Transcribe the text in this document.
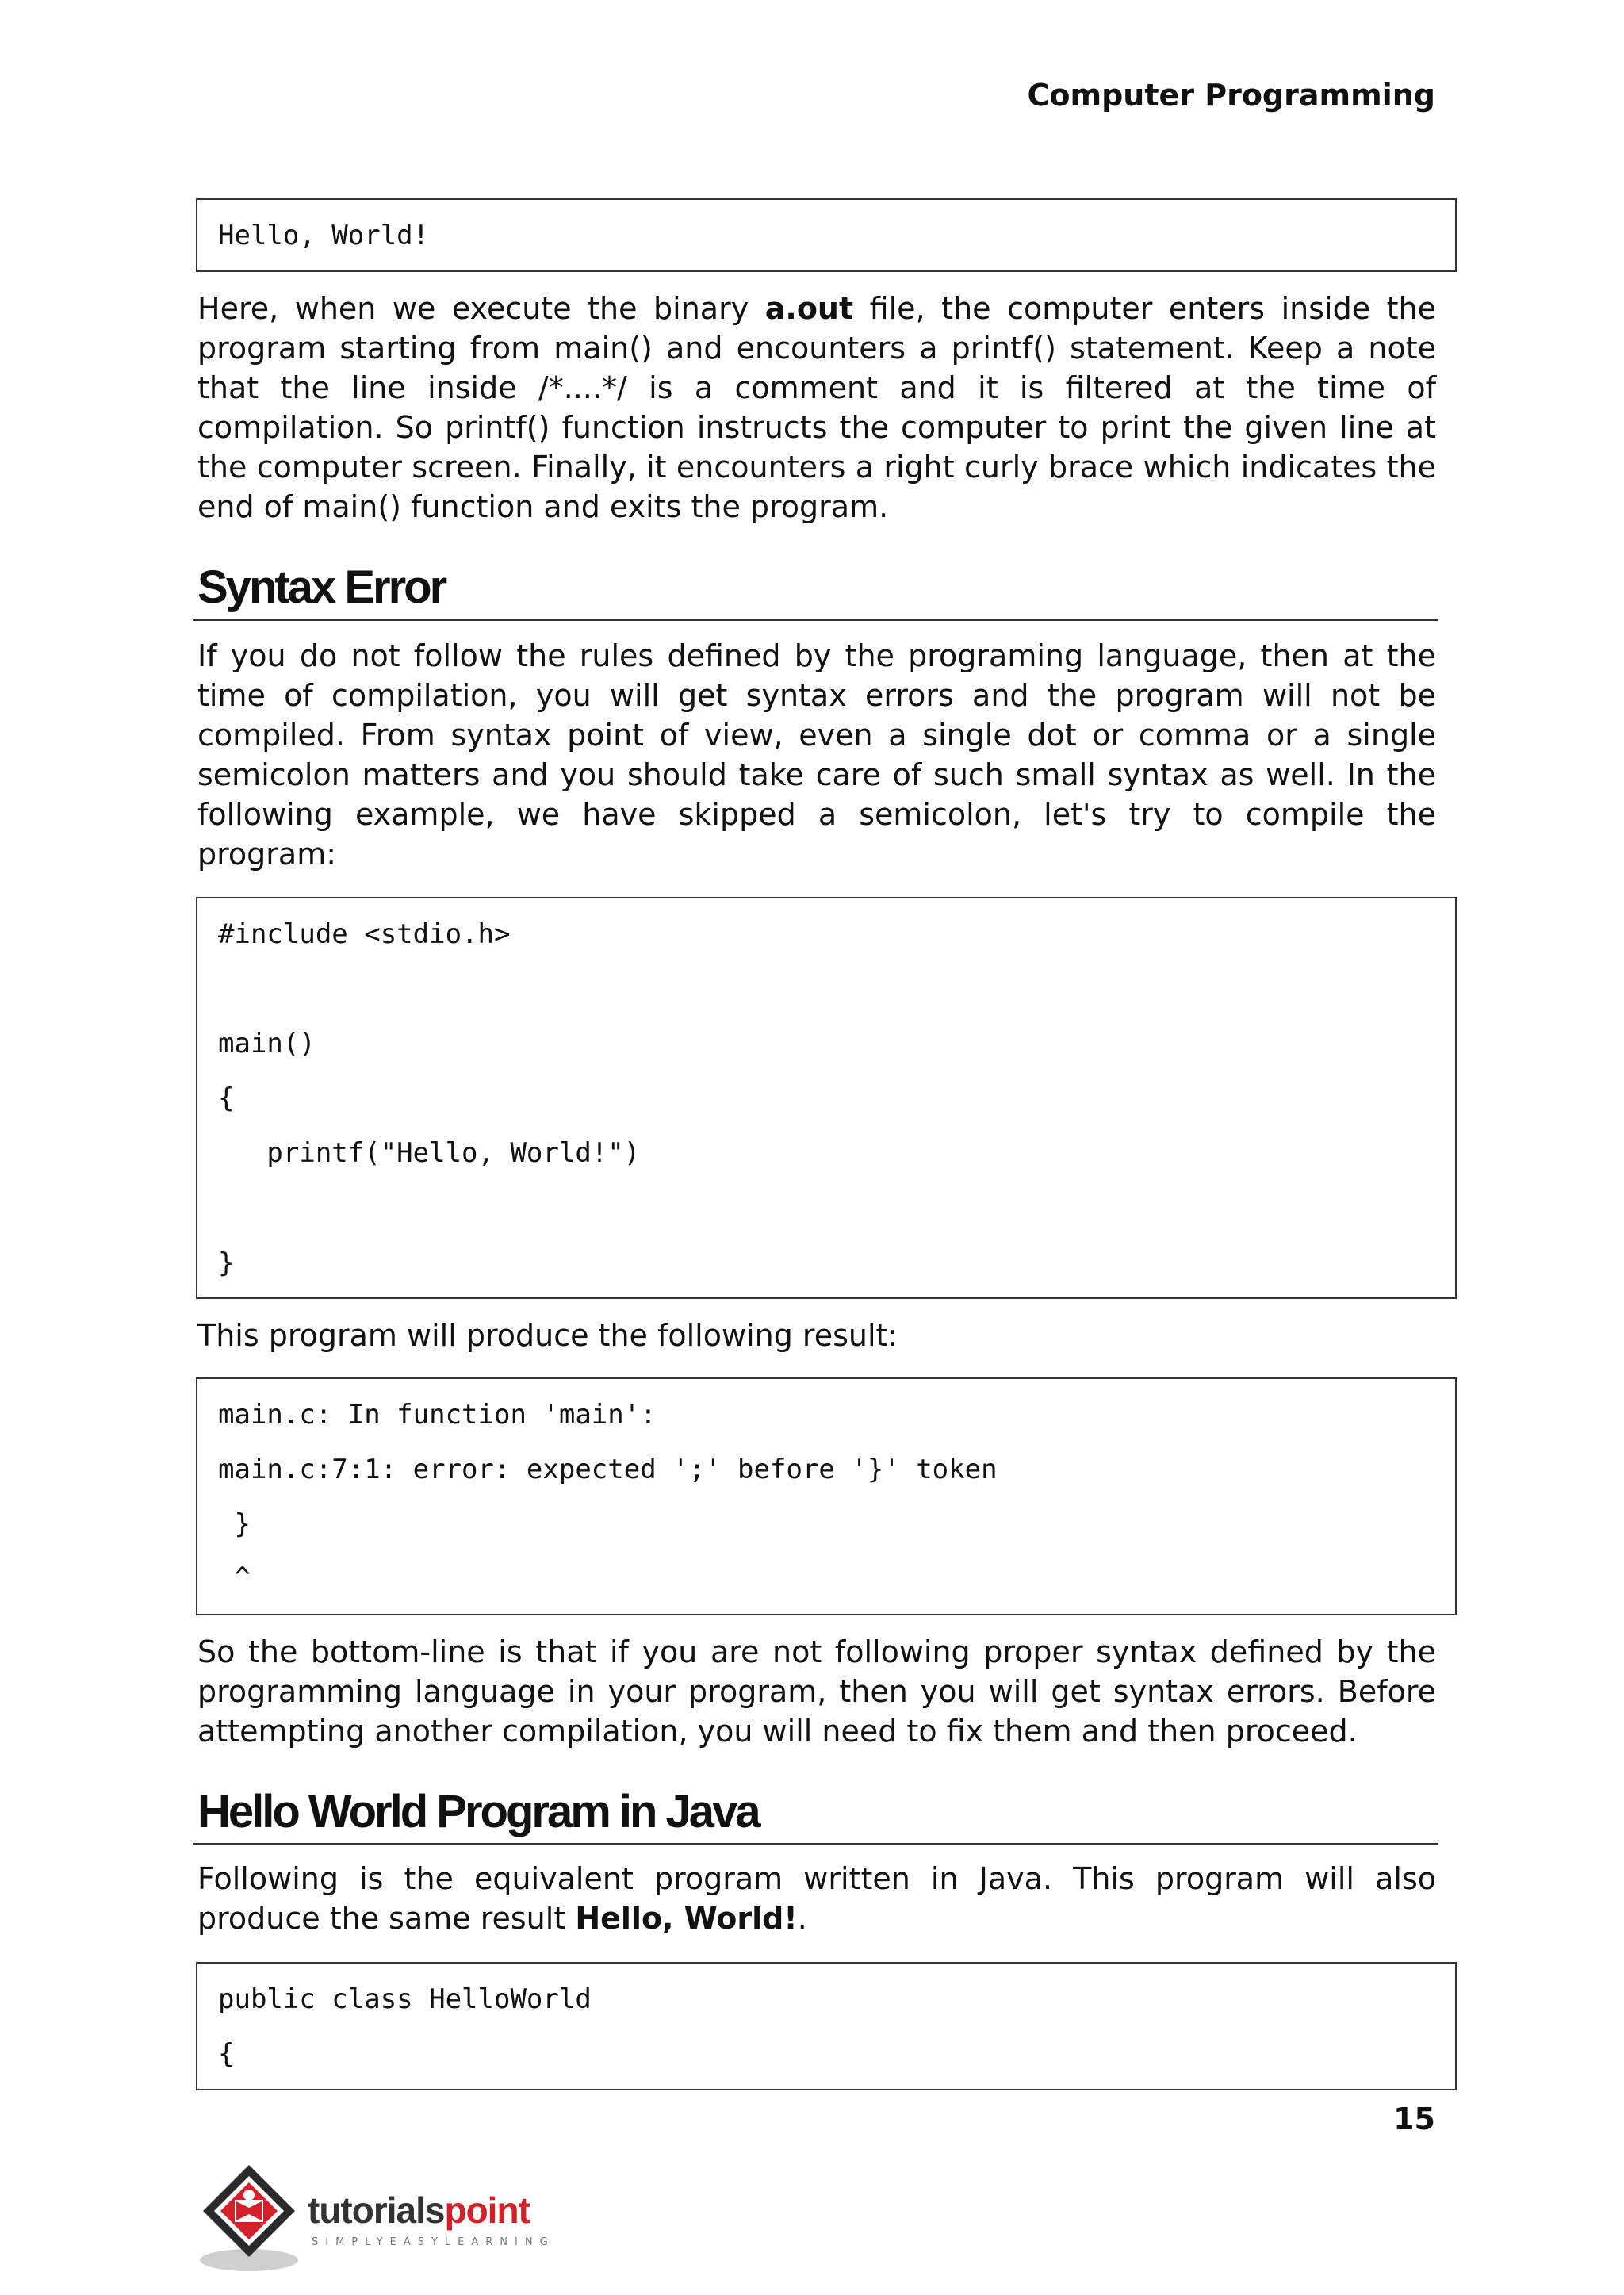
Computer Programming
Hello, World!
Here, when we execute the binary a.out file, the computer enters inside the program starting from main() and encounters a printf() statement. Keep a note that the line inside /*....*/ is a comment and it is filtered at the time of compilation. So printf() function instructs the computer to print the given line at the computer screen. Finally, it encounters a right curly brace which indicates the end of main() function and exits the program.
Syntax Error
If you do not follow the rules defined by the programing language, then at the time of compilation, you will get syntax errors and the program will not be compiled. From syntax point of view, even a single dot or comma or a single semicolon matters and you should take care of such small syntax as well. In the following example, we have skipped a semicolon, let's try to compile the program:
#include <stdio.h>
main()
{
printf("Hello, World!")
}
This program will produce the following result:
main.c: In function 'main':
main.c:7:1: error: expected ';' before '}' token
}
^
So the bottom-line is that if you are not following proper syntax defined by the programming language in your program, then you will get syntax errors. Before attempting another compilation, you will need to fix them and then proceed.
Hello World Program in Java
Following is the equivalent program written in Java. This program will also produce the same result Hello, World!.
public class HelloWorld
{
15
tutorialspoint
SIMPLYEASYLEARNING
